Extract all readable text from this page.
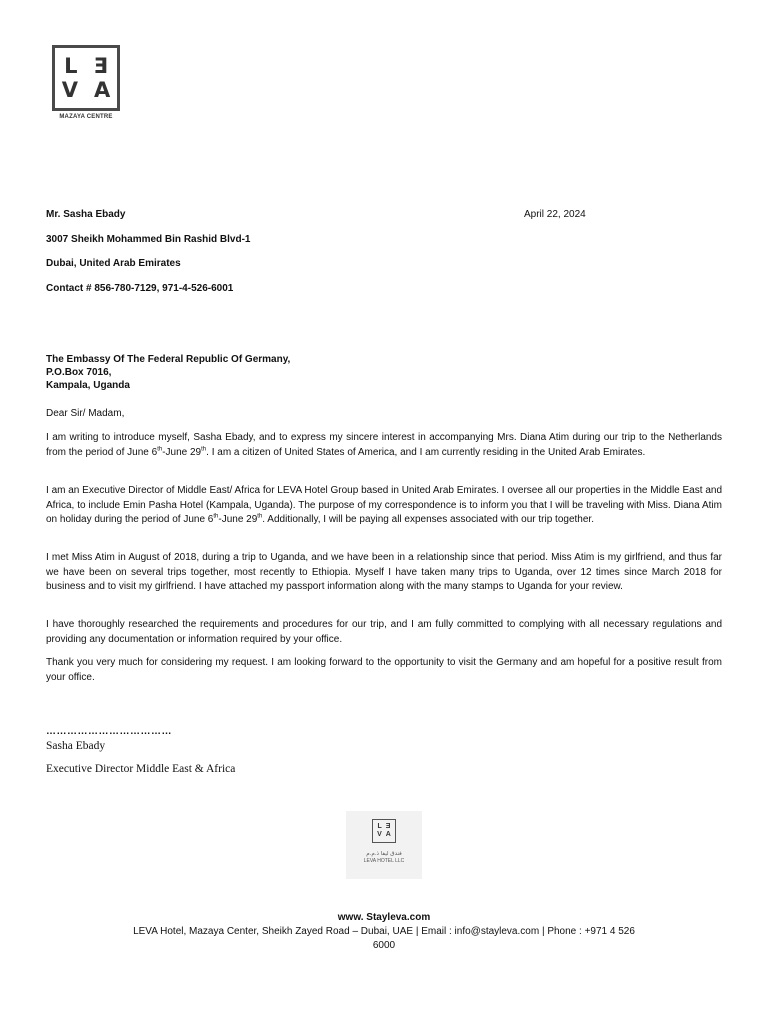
L Ǝ
V A
MAZAYA CENTRE
Mr. Sasha Ebady
3007 Sheikh Mohammed Bin Rashid Blvd-1
Dubai, United Arab Emirates
Contact # 856-780-7129, 971-4-526-6001
April 22, 2024
The Embassy Of The Federal Republic Of Germany,
P.O.Box 7016,
Kampala, Uganda
Dear Sir/ Madam,

I am writing to introduce myself, Sasha Ebady, and to express my sincere interest in accompanying Mrs. Diana Atim during our trip to the Netherlands from the period of June 6th-June 29th. I am a citizen of United States of America, and I am currently residing in the United Arab Emirates.

I am an Executive Director of Middle East/ Africa for LEVA Hotel Group based in United Arab Emirates. I oversee all our properties in the Middle East and Africa, to include Emin Pasha Hotel (Kampala, Uganda). The purpose of my correspondence is to inform you that I will be traveling with Miss. Diana Atim on holiday during the period of June 6th-June 29th. Additionally, I will be paying all expenses associated with our trip together.

I met Miss Atim in August of 2018, during a trip to Uganda, and we have been in a relationship since that period. Miss Atim is my girlfriend, and thus far we have been on several trips together, most recently to Ethiopia. Myself I have taken many trips to Uganda, over 12 times since March 2018 for business and to visit my girlfriend. I have attached my passport information along with the many stamps to Uganda for your review.

I have thoroughly researched the requirements and procedures for our trip, and I am fully committed to complying with all necessary regulations and providing any documentation or information required by your office.

Thank you very much for considering my request. I am looking forward to the opportunity to visit the Germany and am hopeful for a positive result from your office.

………………………………
Sasha Ebady
Executive Director Middle East & Africa
L Ǝ
V A
فندق ليفا ذ.م.م
LEVA HOTEL LLC
www. Stayleva.com
LEVA Hotel, Mazaya Center, Sheikh Zayed Road – Dubai, UAE | Email : info@stayleva.com | Phone : +971 4 526
6000
